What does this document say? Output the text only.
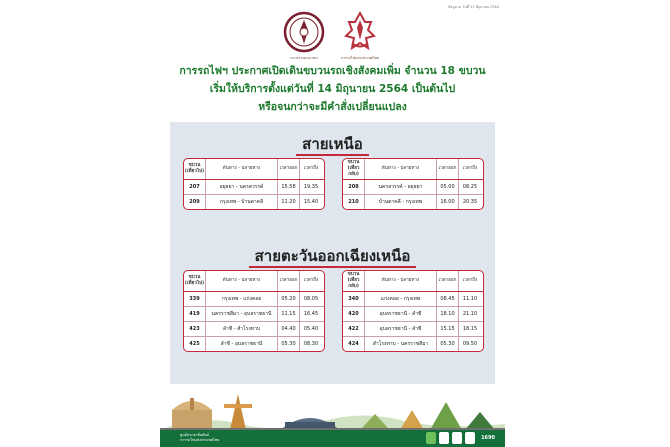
ข้อมูล ณ วันที่ 11 มิถุนายน 2564
กระทรวงคมนาคม	การรถไฟแห่งประเทศไทย
การรถไฟฯ ประกาศเปิดเดินขบวนรถเชิงสังคมเพิ่ม จำนวน 18 ขบวน
เริ่มให้บริการตั้งแต่วันที่ 14 มิถุนายน 2564 เป็นต้นไป
หรือจนกว่าจะมีคำสั่งเปลี่ยนแปลง
สายเหนือ
ขบวน (เที่ยวไป)
ต้นทาง - ปลายทาง	เวลาออก	เวลาถึง
207	อยุธยา - นครสวรรค์	15.58	19.35
209	กรุงเทพ - บ้านตาคลี	11.20	15.40
ขบวน (เที่ยวกลับ)
ต้นทาง - ปลายทาง	เวลาออก	เวลาถึง
208	นครสวรรค์ - อยุธยา	05.00	08.25
210	บ้านตาคลี - กรุงเทพ	16.00	20.35
สายตะวันออกเฉียงเหนือ
ขบวน (เที่ยวไป)
ต้นทาง - ปลายทาง	เวลาออก	เวลาถึง
339	กรุงเทพ - แก่งคอย	05.20	08.05
419	นครราชสีมา - อุบลราชธานี	11.15	16.45
423	ลำชี - สำโรงทาบ	04.40	05.40
425	ลำชี - อุบลราชธานี	05.30	08.30
ขบวน (เที่ยวกลับ)
ต้นทาง - ปลายทาง	เวลาออก	เวลาถึง
340	แก่งคอย - กรุงเทพ	08.45	11.10
420	อุบลราชธานี - ลำชี	18.10	21.10
422	อุบลราชธานี - ลำชี	15.15	18.15
424	สำโรงทาบ - นครราชสีมา	05.30	09.50
ศูนย์ประชาสัมพันธ์
การรถไฟแห่งประเทศไทย	1690
